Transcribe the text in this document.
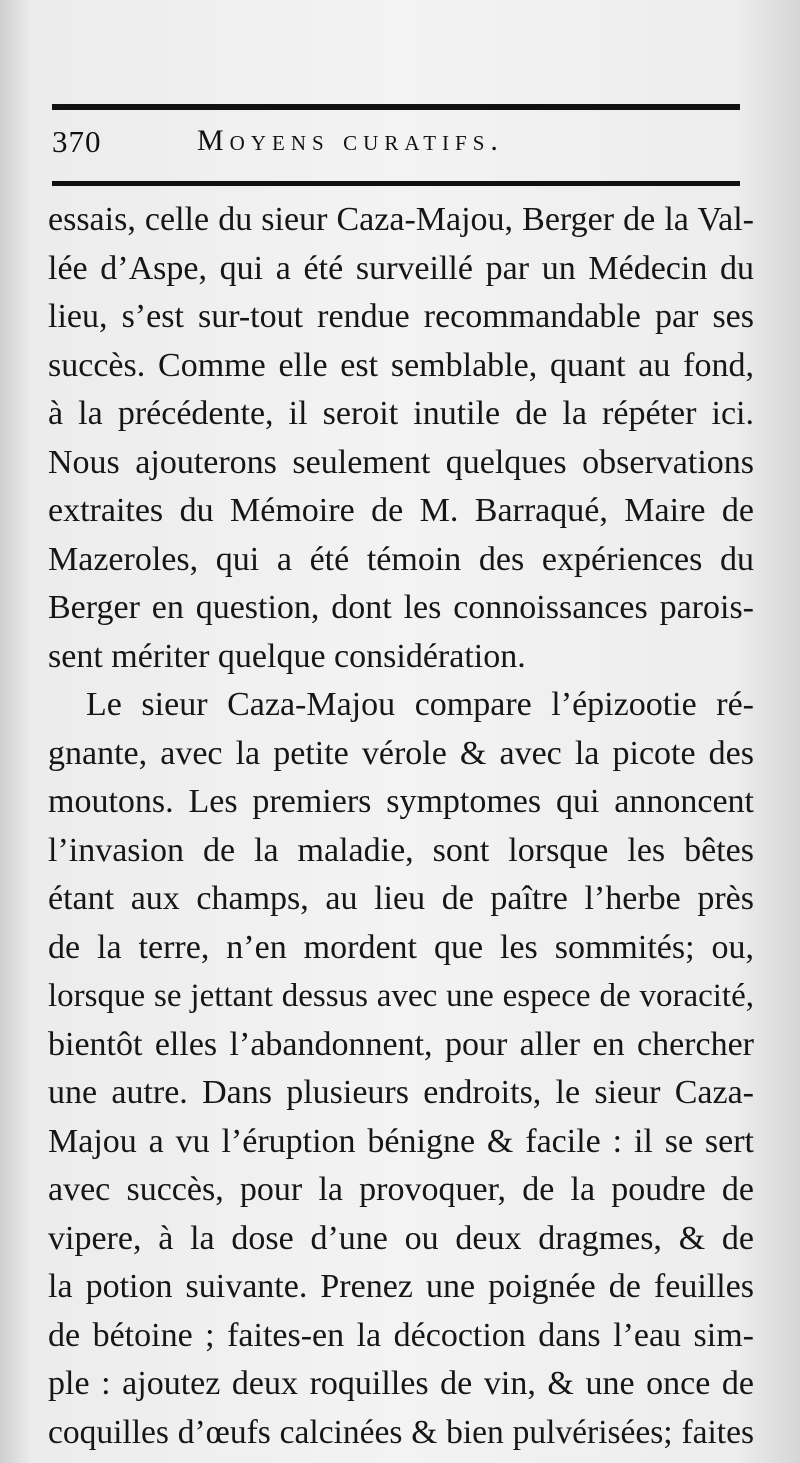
370	Moyens curatifs.
essais, celle du sieur Caza-Majou, Berger de la Val-
lée d’Aspe, qui a été surveillé par un Médecin du
lieu, s’est sur-tout rendue recommandable par ses
succès. Comme elle est semblable, quant au fond,
à la précédente, il seroit inutile de la répéter ici.
Nous ajouterons seulement quelques observations
extraites du Mémoire de M. Barraqué, Maire de
Mazeroles, qui a été témoin des expériences du
Berger en question, dont les connoissances parois-
sent mériter quelque considération.
Le sieur Caza-Majou compare l’épizootie ré-
gnante, avec la petite vérole & avec la picote des
moutons. Les premiers symptomes qui annoncent
l’invasion de la maladie, sont lorsque les bêtes
étant aux champs, au lieu de paître l’herbe près
de la terre, n’en mordent que les sommités; ou,
lorsque se jettant dessus avec une espece de voracité,
bientôt elles l’abandonnent, pour aller en chercher
une autre. Dans plusieurs endroits, le sieur Caza-
Majou a vu l’éruption bénigne & facile : il se sert
avec succès, pour la provoquer, de la poudre de
vipere, à la dose d’une ou deux dragmes, & de
la potion suivante. Prenez une poignée de feuilles
de bétoine ; faites-en la décoction dans l’eau sim-
ple : ajoutez deux roquilles de vin, & une once de
coquilles d’œufs calcinées & bien pulvérisées; faites
